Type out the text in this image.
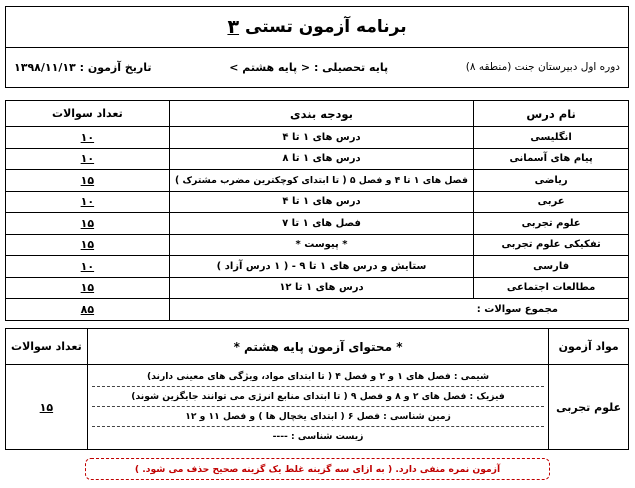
برنامه آزمون تستی
۳
دوره اول دبیرستان جنت (منطقه ۸)
پایه تحصیلی : < پایه هشتم >
تاریخ آزمون : ۱۳۹۸/۱۱/۱۳
نام درس	بودجه بندی	تعداد سوالات
انگلیسی	درس های ۱ تا ۴	۱۰
پیام های آسمانی	درس های ۱ تا ۸	۱۰
ریاضی	فصل های ۱ تا ۴ و فصل ۵ ( تا ابتدای کوچکترین مضرب مشترک )	۱۵
عربی	درس های ۱ تا ۴	۱۰
علوم تجربی	فصل های ۱ تا ۷	۱۵
تفکیکی علوم تجربی	* پیوست *	۱۵
فارسی	ستایش و درس های ۱ تا ۹ - ( ۱ درس آزاد )	۱۰
مطالعات اجتماعی	درس های ۱ تا ۱۲	۱۵
مجموع سوالات :		۸۵
مواد آزمون	* محتوای آزمون پایه هشتم *	تعداد سوالات
علوم تجربی	شیمی : فصل های ۱ و ۲ و فصل ۴ ( تا ابتدای مواد، ویژگی های معینی دارند)
فیزیک : فصل های ۲ و ۸ و فصل ۹ ( تا ابتدای منابع انرژی می توانند جایگزین شوند)
زمین شناسی : فصل ۶ ( ابتدای یخچال ها ) و فصل ۱۱ و ۱۲
زیست شناسی : ----	۱۵
آزمون نمره منفی دارد. ( به ازای سه گزینه غلط یک گزینه صحیح حذف می شود. )
